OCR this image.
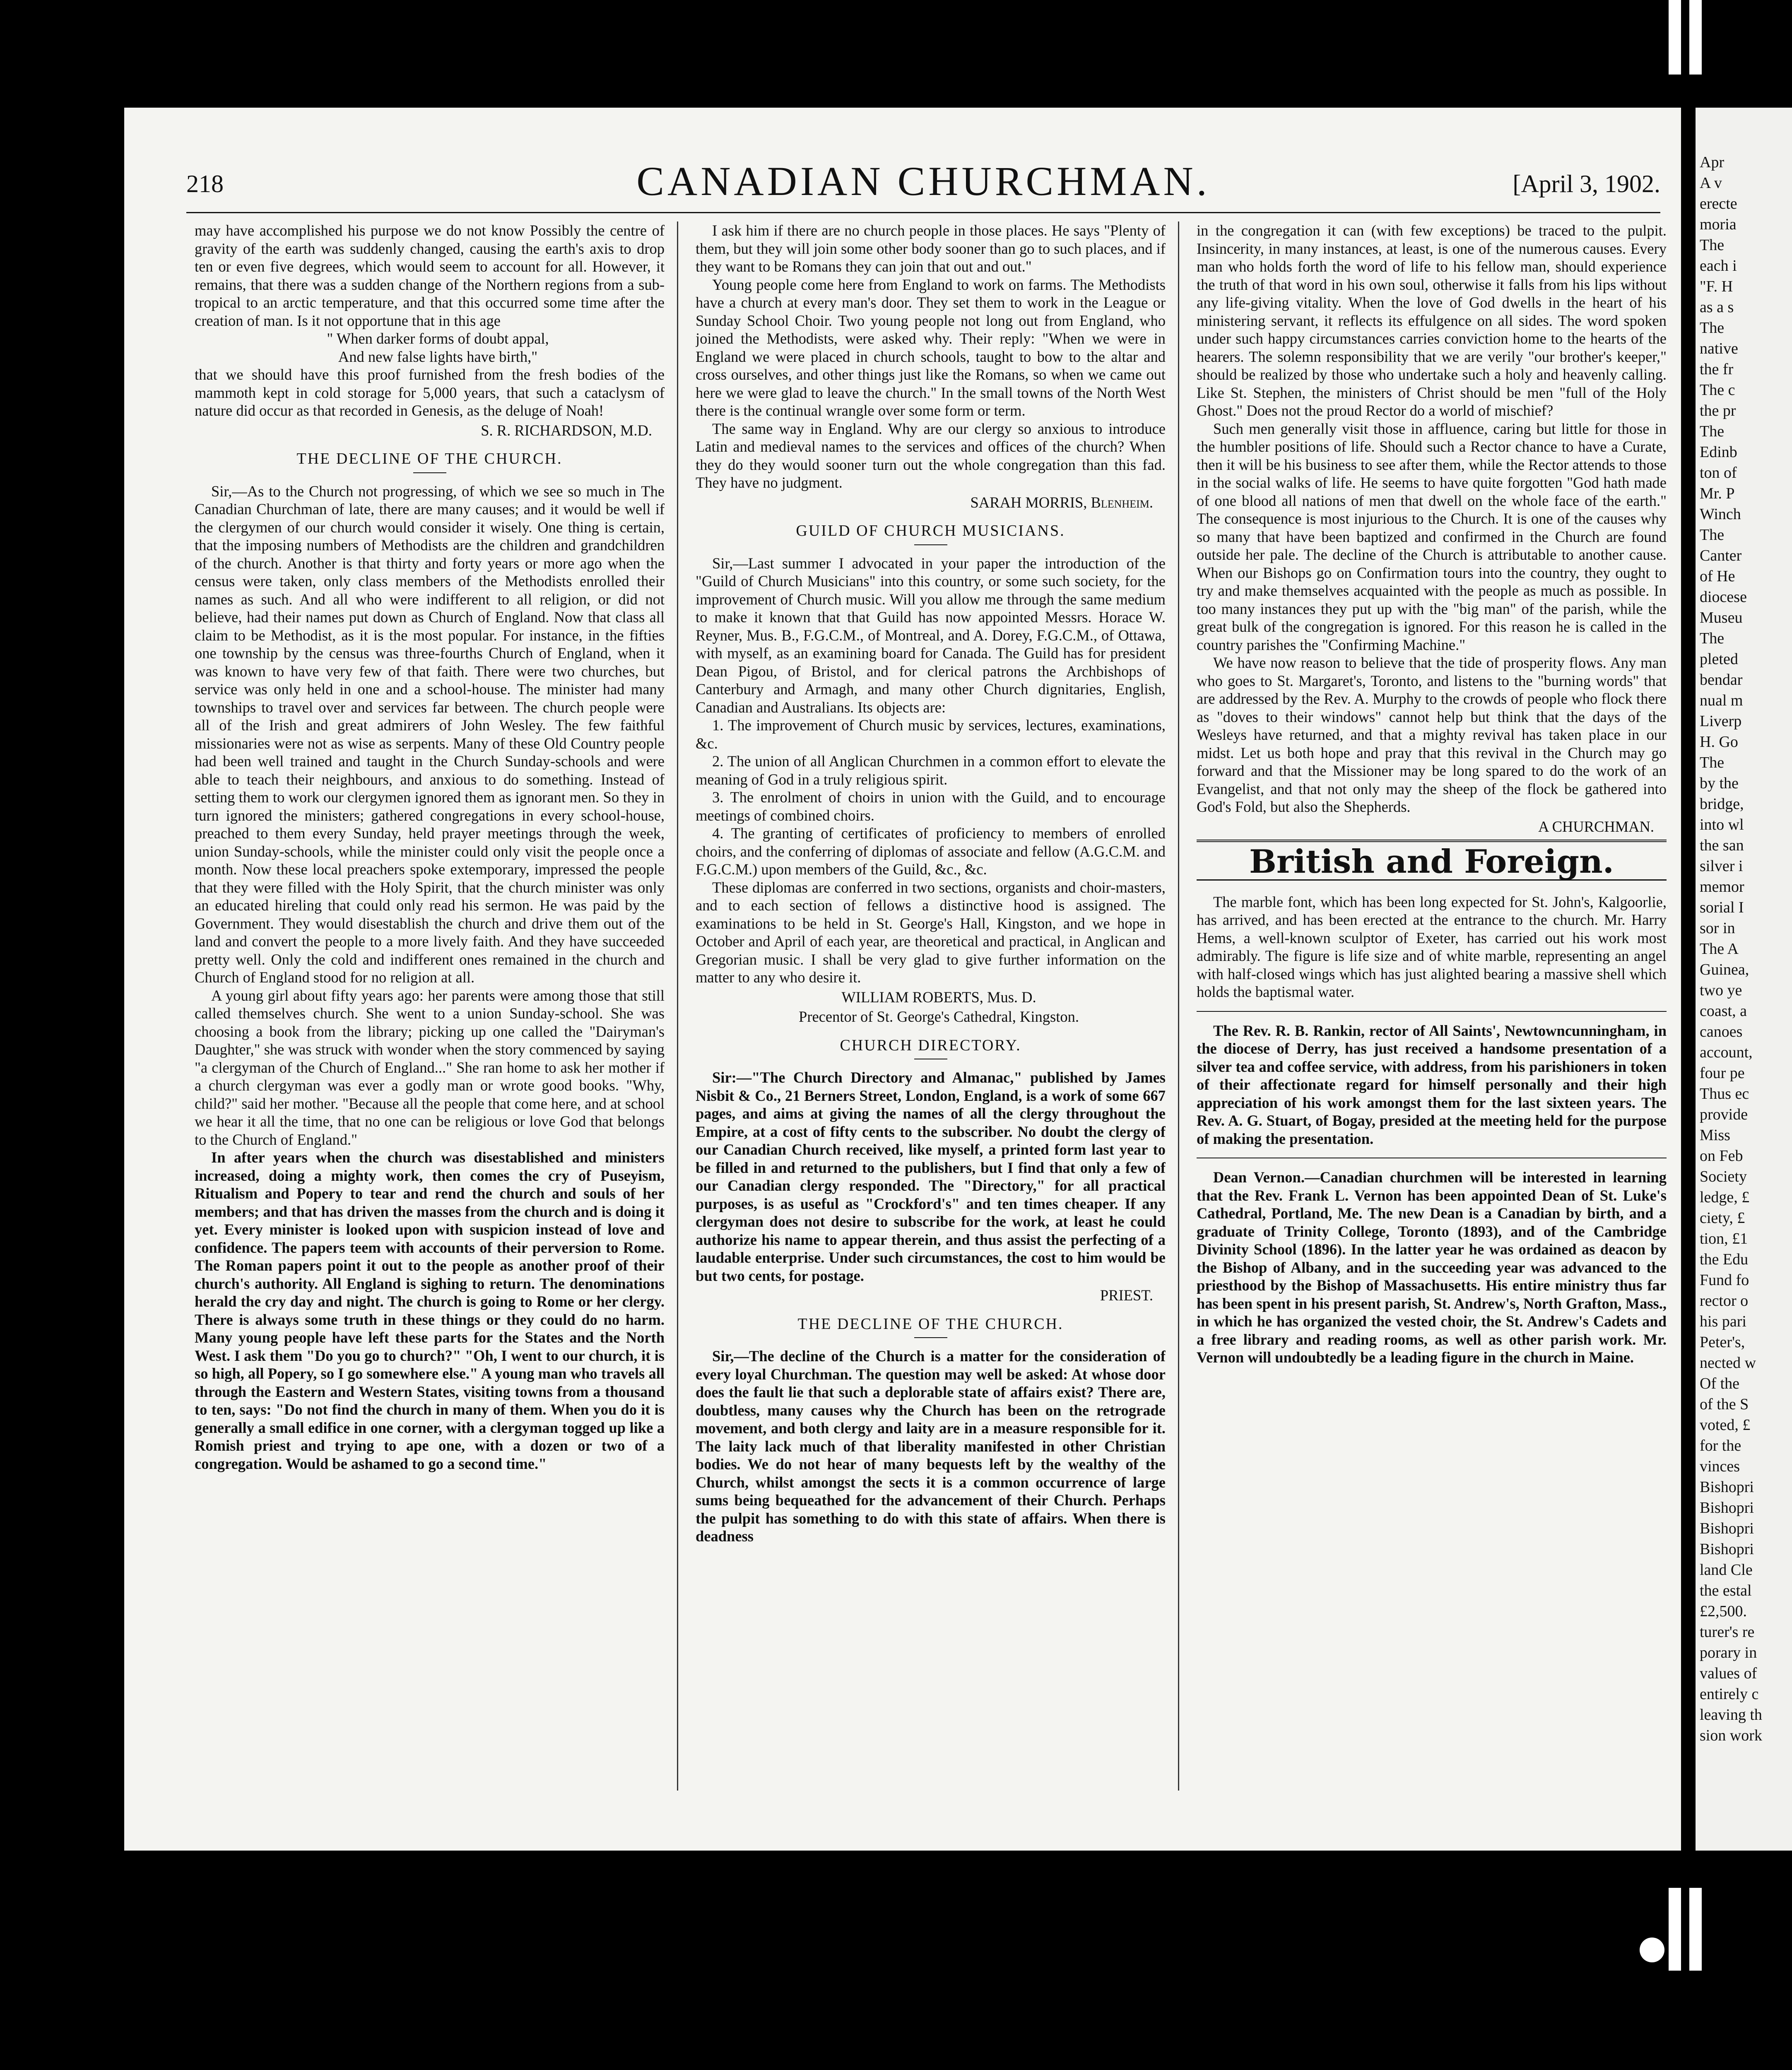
218	CANADIAN CHURCHMAN.	[April 3, 1902.

may have accomplished his purpose we do not know Possibly the centre of gravity of the earth was suddenly changed, causing the earth's axis to drop ten or even five degrees, which would seem to account for all. However, it remains, that there was a sudden change of the Northern regions from a sub-tropical to an arctic temperature, and that this occurred some time after the creation of man. Is it not opportune that in this age

" When darker forms of doubt appal,

And new false lights have birth,"

that we should have this proof furnished from the fresh bodies of the mammoth kept in cold storage for 5,000 years, that such a cataclysm of nature did occur as that recorded in Genesis, as the deluge of Noah!

S. R. RICHARDSON, M.D.

THE DECLINE OF THE CHURCH.

Sir,—As to the Church not progressing, of which we see so much in The Canadian Churchman of late, there are many causes; and it would be well if the clergymen of our church would consider it wisely. One thing is certain, that the imposing numbers of Methodists are the children and grandchildren of the church. Another is that thirty and forty years or more ago when the census were taken, only class members of the Methodists enrolled their names as such. And all who were indifferent to all religion, or did not believe, had their names put down as Church of England. Now that class all claim to be Methodist, as it is the most popular. For instance, in the fifties one township by the census was three-fourths Church of England, when it was known to have very few of that faith. There were two churches, but service was only held in one and a school-house. The minister had many townships to travel over and services far between. The church people were all of the Irish and great admirers of John Wesley. The few faithful missionaries were not as wise as serpents. Many of these Old Country people had been well trained and taught in the Church Sunday-schools and were able to teach their neighbours, and anxious to do something. Instead of setting them to work our clergymen ignored them as ignorant men. So they in turn ignored the ministers; gathered congregations in every school-house, preached to them every Sunday, held prayer meetings through the week, union Sunday-schools, while the minister could only visit the people once a month. Now these local preachers spoke extemporary, impressed the people that they were filled with the Holy Spirit, that the church minister was only an educated hireling that could only read his sermon. He was paid by the Government. They would disestablish the church and drive them out of the land and convert the people to a more lively faith. And they have succeeded pretty well. Only the cold and indifferent ones remained in the church and Church of England stood for no religion at all.

A young girl about fifty years ago: her parents were among those that still called themselves church. She went to a union Sunday-school. She was choosing a book from the library; picking up one called the "Dairyman's Daughter," she was struck with wonder when the story commenced by saying "a clergyman of the Church of England..." She ran home to ask her mother if a church clergyman was ever a godly man or wrote good books. "Why, child?" said her mother. "Because all the people that come here, and at school we hear it all the time, that no one can be religious or love God that belongs to the Church of England."

In after years when the church was disestablished and ministers increased, doing a mighty work, then comes the cry of Puseyism, Ritualism and Popery to tear and rend the church and souls of her members; and that has driven the masses from the church and is doing it yet. Every minister is looked upon with suspicion instead of love and confidence. The papers teem with accounts of their perversion to Rome. The Roman papers point it out to the people as another proof of their church's authority. All England is sighing to return. The denominations herald the cry day and night. The church is going to Rome or her clergy. There is always some truth in these things or they could do no harm. Many young people have left these parts for the States and the North West. I ask them "Do you go to church?" "Oh, I went to our church, it is so high, all Popery, so I go somewhere else." A young man who travels all through the Eastern and Western States, visiting towns from a thousand to ten, says: "Do not find the church in many of them. When you do it is generally a small edifice in one corner, with a clergyman togged up like a Romish priest and trying to ape one, with a dozen or two of a congregation. Would be ashamed to go a second time."

I ask him if there are no church people in those places. He says "Plenty of them, but they will join some other body sooner than go to such places, and if they want to be Romans they can join that out and out."

Young people come here from England to work on farms. The Methodists have a church at every man's door. They set them to work in the League or Sunday School Choir. Two young people not long out from England, who joined the Methodists, were asked why. Their reply: "When we were in England we were placed in church schools, taught to bow to the altar and cross ourselves, and other things just like the Romans, so when we came out here we were glad to leave the church." In the small towns of the North West there is the continual wrangle over some form or term.

The same way in England. Why are our clergy so anxious to introduce Latin and medieval names to the services and offices of the church? When they do they would sooner turn out the whole congregation than this fad. They have no judgment.

SARAH MORRIS, Blenheim.

GUILD OF CHURCH MUSICIANS.

Sir,—Last summer I advocated in your paper the introduction of the "Guild of Church Musicians" into this country, or some such society, for the improvement of Church music. Will you allow me through the same medium to make it known that that Guild has now appointed Messrs. Horace W. Reyner, Mus. B., F.G.C.M., of Montreal, and A. Dorey, F.G.C.M., of Ottawa, with myself, as an examining board for Canada. The Guild has for president Dean Pigou, of Bristol, and for clerical patrons the Archbishops of Canterbury and Armagh, and many other Church dignitaries, English, Canadian and Australians. Its objects are:

1. The improvement of Church music by services, lectures, examinations, &c.

2. The union of all Anglican Churchmen in a common effort to elevate the meaning of God in a truly religious spirit.

3. The enrolment of choirs in union with the Guild, and to encourage meetings of combined choirs.

4. The granting of certificates of proficiency to members of enrolled choirs, and the conferring of diplomas of associate and fellow (A.G.C.M. and F.G.C.M.) upon members of the Guild, &c., &c.

These diplomas are conferred in two sections, organists and choir-masters, and to each section of fellows a distinctive hood is assigned. The examinations to be held in St. George's Hall, Kingston, and we hope in October and April of each year, are theoretical and practical, in Anglican and Gregorian music. I shall be very glad to give further information on the matter to any who desire it.

WILLIAM ROBERTS, Mus. D.

Precentor of St. George's Cathedral, Kingston.

CHURCH DIRECTORY.

Sir:—"The Church Directory and Almanac," published by James Nisbit & Co., 21 Berners Street, London, England, is a work of some 667 pages, and aims at giving the names of all the clergy throughout the Empire, at a cost of fifty cents to the subscriber. No doubt the clergy of our Canadian Church received, like myself, a printed form last year to be filled in and returned to the publishers, but I find that only a few of our Canadian clergy responded. The "Directory," for all practical purposes, is as useful as "Crockford's" and ten times cheaper. If any clergyman does not desire to subscribe for the work, at least he could authorize his name to appear therein, and thus assist the perfecting of a laudable enterprise. Under such circumstances, the cost to him would be but two cents, for postage.

PRIEST.

THE DECLINE OF THE CHURCH.

Sir,—The decline of the Church is a matter for the consideration of every loyal Churchman. The question may well be asked: At whose door does the fault lie that such a deplorable state of affairs exist? There are, doubtless, many causes why the Church has been on the retrograde movement, and both clergy and laity are in a measure responsible for it. The laity lack much of that liberality manifested in other Christian bodies. We do not hear of many bequests left by the wealthy of the Church, whilst amongst the sects it is a common occurrence of large sums being bequeathed for the advancement of their Church. Perhaps the pulpit has something to do with this state of affairs. When there is deadness

in the congregation it can (with few exceptions) be traced to the pulpit. Insincerity, in many instances, at least, is one of the numerous causes. Every man who holds forth the word of life to his fellow man, should experience the truth of that word in his own soul, otherwise it falls from his lips without any life-giving vitality. When the love of God dwells in the heart of his ministering servant, it reflects its effulgence on all sides. The word spoken under such happy circumstances carries conviction home to the hearts of the hearers. The solemn responsibility that we are verily "our brother's keeper," should be realized by those who undertake such a holy and heavenly calling. Like St. Stephen, the ministers of Christ should be men "full of the Holy Ghost." Does not the proud Rector do a world of mischief?

Such men generally visit those in affluence, caring but little for those in the humbler positions of life. Should such a Rector chance to have a Curate, then it will be his business to see after them, while the Rector attends to those in the social walks of life. He seems to have quite forgotten "God hath made of one blood all nations of men that dwell on the whole face of the earth." The consequence is most injurious to the Church. It is one of the causes why so many that have been baptized and confirmed in the Church are found outside her pale. The decline of the Church is attributable to another cause. When our Bishops go on Confirmation tours into the country, they ought to try and make themselves acquainted with the people as much as possible. In too many instances they put up with the "big man" of the parish, while the great bulk of the congregation is ignored. For this reason he is called in the country parishes the "Confirming Machine."

We have now reason to believe that the tide of prosperity flows. Any man who goes to St. Margaret's, Toronto, and listens to the "burning words" that are addressed by the Rev. A. Murphy to the crowds of people who flock there as "doves to their windows" cannot help but think that the days of the Wesleys have returned, and that a mighty revival has taken place in our midst. Let us both hope and pray that this revival in the Church may go forward and that the Missioner may be long spared to do the work of an Evangelist, and that not only may the sheep of the flock be gathered into God's Fold, but also the Shepherds.

A CHURCHMAN.

British and Foreign.

The marble font, which has been long expected for St. John's, Kalgoorlie, has arrived, and has been erected at the entrance to the church. Mr. Harry Hems, a well-known sculptor of Exeter, has carried out his work most admirably. The figure is life size and of white marble, representing an angel with half-closed wings which has just alighted bearing a massive shell which holds the baptismal water.

The Rev. R. B. Rankin, rector of All Saints', Newtowncunningham, in the diocese of Derry, has just received a handsome presentation of a silver tea and coffee service, with address, from his parishioners in token of their affectionate regard for himself personally and their high appreciation of his work amongst them for the last sixteen years. The Rev. A. G. Stuart, of Bogay, presided at the meeting held for the purpose of making the presentation.

Dean Vernon.—Canadian churchmen will be interested in learning that the Rev. Frank L. Vernon has been appointed Dean of St. Luke's Cathedral, Portland, Me. The new Dean is a Canadian by birth, and a graduate of Trinity College, Toronto (1893), and of the Cambridge Divinity School (1896). In the latter year he was ordained as deacon by the Bishop of Albany, and in the succeeding year was advanced to the priesthood by the Bishop of Massachusetts. His entire ministry thus far has been spent in his present parish, St. Andrew's, North Grafton, Mass., in which he has organized the vested choir, the St. Andrew's Cadets and a free library and reading rooms, as well as other parish work. Mr. Vernon will undoubtedly be a leading figure in the church in Maine.

Apr
A v
erecte
moria
The
each i
"F. H
as a s
The
native
the fr
The c
the pr
The
Edinb
ton of
Mr. P
Winch
The
Canter
of He
diocese
Museu
The
pleted
bendar
nual m
Liverp
H. Go
The
by the
bridge,
into wl
the san
silver i
memor
sorial I
sor in
The A
Guinea,
two ye
coast, a
canoes
account,
four pe
Thus ec
provide
Miss
on Feb
Society
ledge, £
ciety, £
tion, £1
the Edu
Fund fo
rector o
his pari
Peter's,
nected w
Of the
of the S
voted, £
for the
vinces
Bishopri
Bishopri
Bishopri
Bishopri
land Cle
the estal
£2,500.
turer's re
porary in
values of
entirely c
leaving th
sion work
